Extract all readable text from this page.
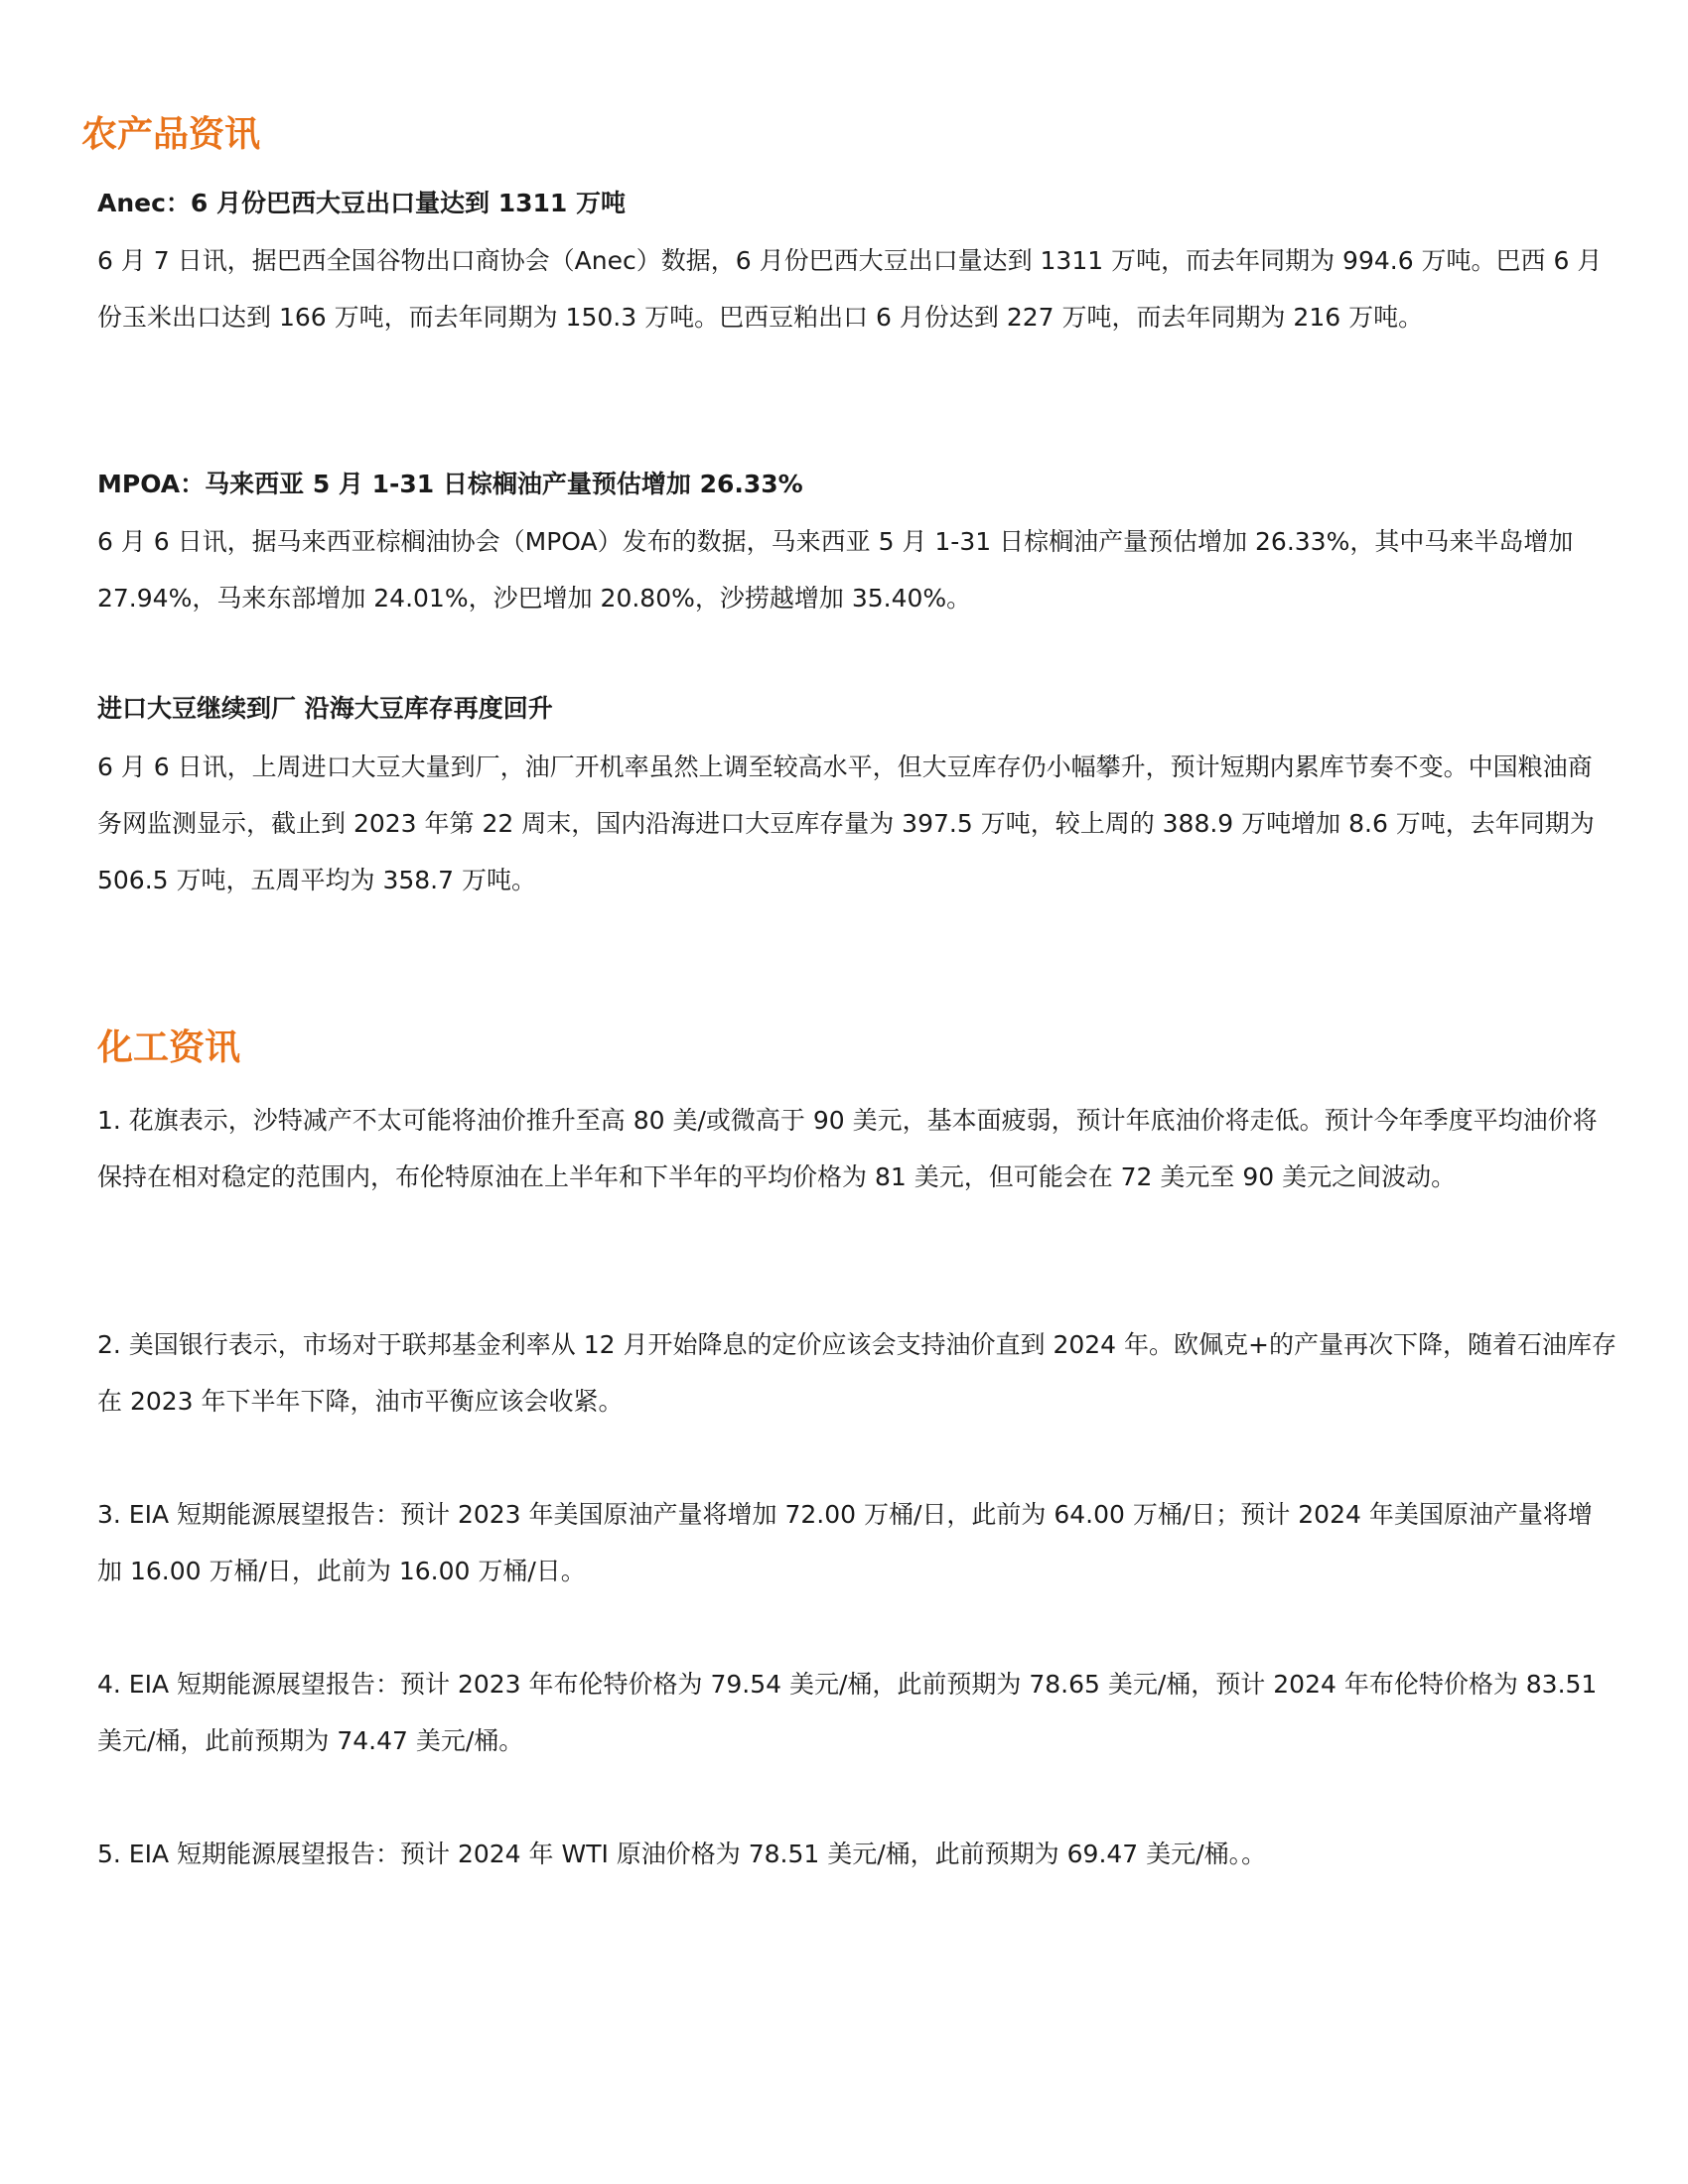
农产品资讯
Anec：6 月份巴西大豆出口量达到 1311 万吨

6 月 7 日讯，据巴西全国谷物出口商协会（Anec）数据，6 月份巴西大豆出口量达到 1311 万吨，而去年同期为 994.6 万吨。巴西 6 月份玉米出口达到 166 万吨，而去年同期为 150.3 万吨。巴西豆粕出口 6 月份达到 227 万吨，而去年同期为 216 万吨。

MPOA：马来西亚 5 月 1-31 日棕榈油产量预估增加 26.33%

6 月 6 日讯，据马来西亚棕榈油协会（MPOA）发布的数据，马来西亚 5 月 1-31 日棕榈油产量预估增加 26.33%，其中马来半岛增加 27.94%，马来东部增加 24.01%，沙巴增加 20.80%，沙捞越增加 35.40%。

进口大豆继续到厂 沿海大豆库存再度回升

6 月 6 日讯，上周进口大豆大量到厂，油厂开机率虽然上调至较高水平，但大豆库存仍小幅攀升，预计短期内累库节奏不变。中国粮油商务网监测显示，截止到 2023 年第 22 周末，国内沿海进口大豆库存量为 397.5 万吨，较上周的 388.9 万吨增加 8.6 万吨，去年同期为 506.5 万吨，五周平均为 358.7 万吨。

化工资讯

1. 花旗表示，沙特减产不太可能将油价推升至高 80 美/或微高于 90 美元，基本面疲弱，预计年底油价将走低。预计今年季度平均油价将保持在相对稳定的范围内，布伦特原油在上半年和下半年的平均价格为 81 美元，但可能会在 72 美元至 90 美元之间波动。

2. 美国银行表示，市场对于联邦基金利率从 12 月开始降息的定价应该会支持油价直到 2024 年。欧佩克+的产量再次下降，随着石油库存在 2023 年下半年下降，油市平衡应该会收紧。

3. EIA 短期能源展望报告：预计 2023 年美国原油产量将增加 72.00 万桶/日，此前为 64.00 万桶/日；预计 2024 年美国原油产量将增加 16.00 万桶/日，此前为 16.00 万桶/日。

4. EIA 短期能源展望报告：预计 2023 年布伦特价格为 79.54 美元/桶，此前预期为 78.65 美元/桶，预计 2024 年布伦特价格为 83.51 美元/桶，此前预期为 74.47 美元/桶。

5. EIA 短期能源展望报告：预计 2024 年 WTI 原油价格为 78.51 美元/桶，此前预期为 69.47 美元/桶。。
